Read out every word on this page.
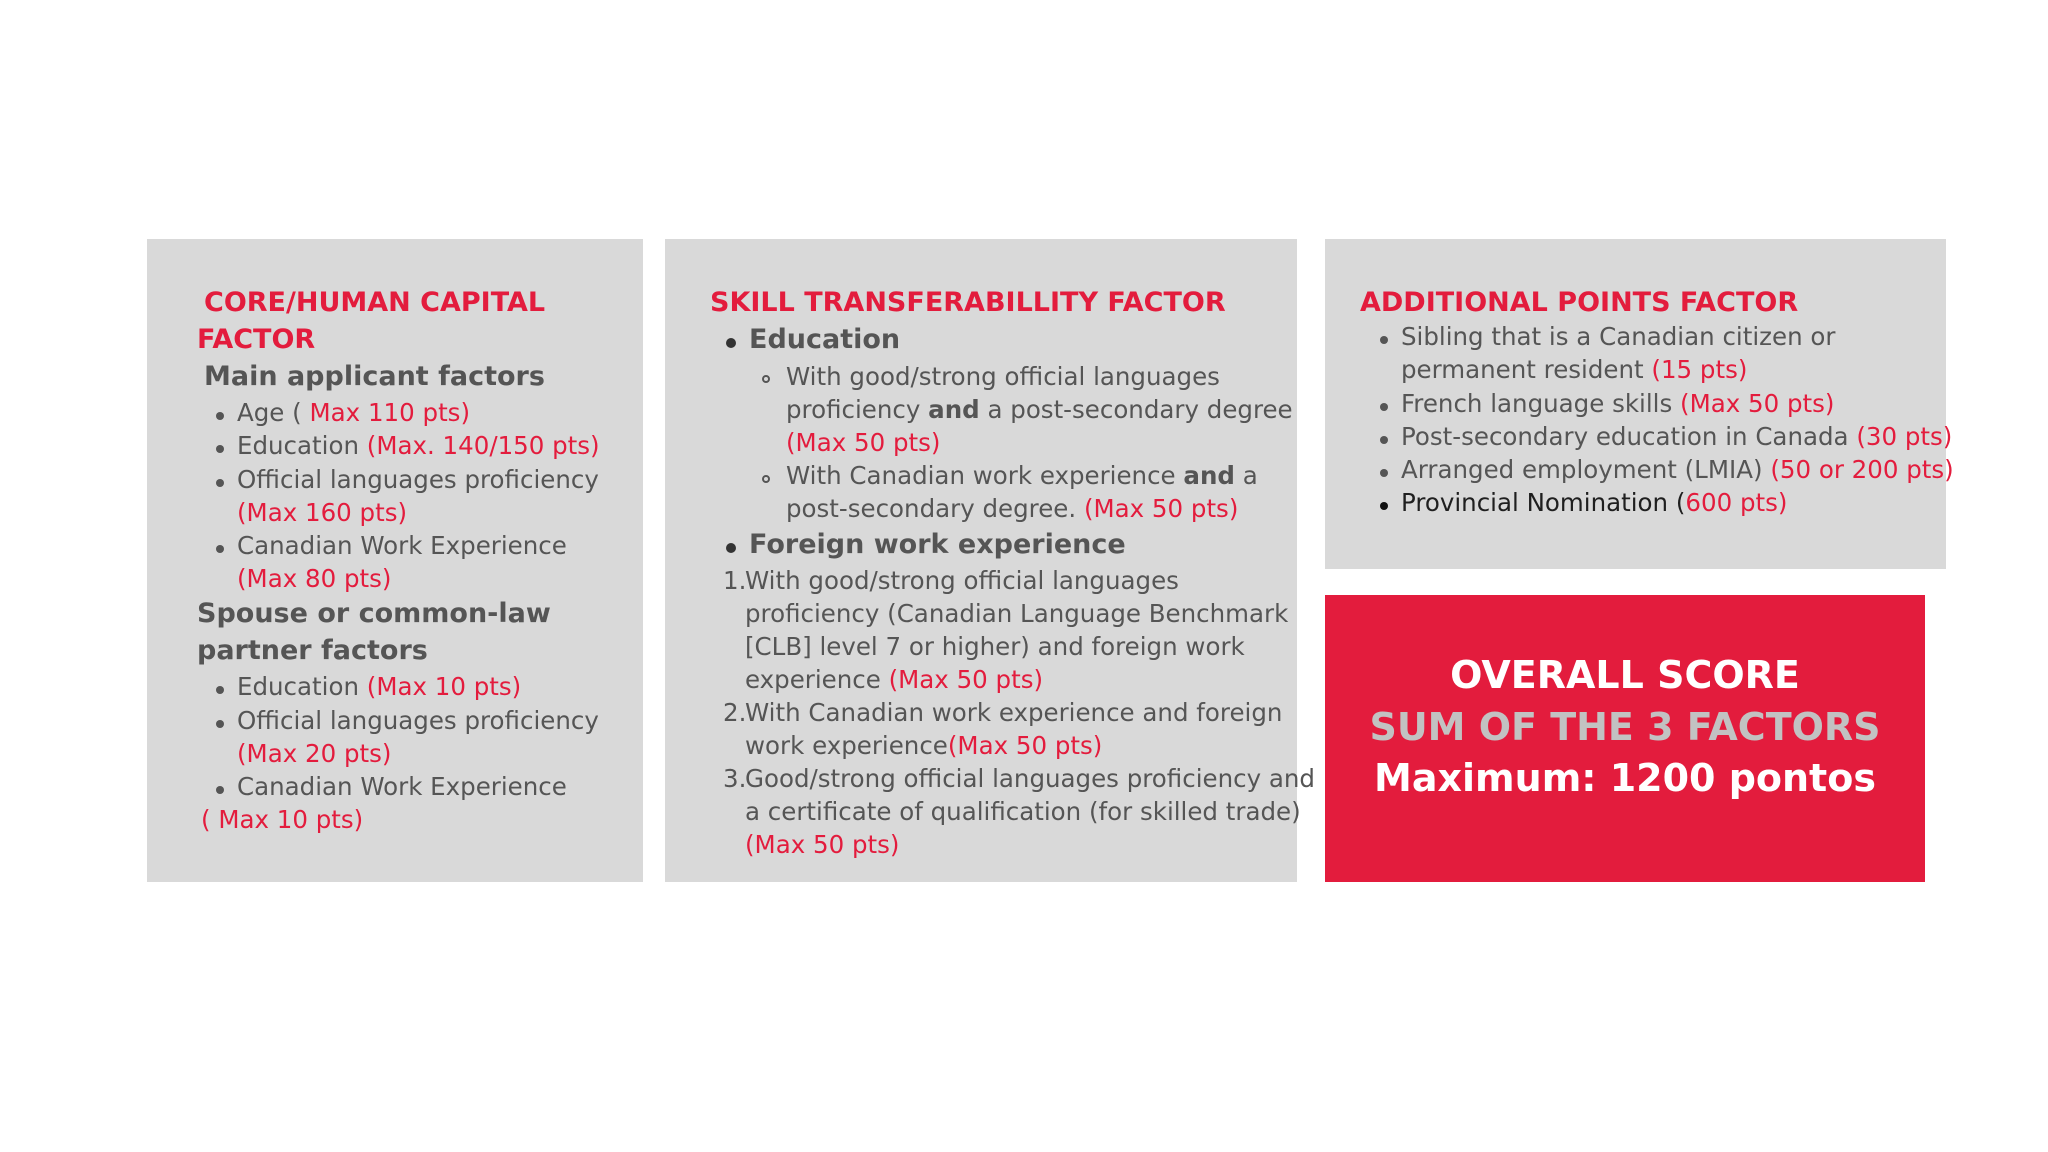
CORE/HUMAN CAPITAL
FACTOR
Main applicant factors
Age ( Max 110 pts)
Education (Max. 140/150 pts)
Official languages proficiency
(Max 160 pts)
Canadian Work Experience
(Max 80 pts)
Spouse or common-law
partner factors
Education (Max 10 pts)
Official languages proficiency
(Max 20 pts)
Canadian Work Experience
( Max 10 pts)
SKILL TRANSFERABILLITY FACTOR
Education
With good/strong official languages
proficiency and a post-secondary degree
(Max 50 pts)
With Canadian work experience and a
post-secondary degree. (Max 50 pts)
Foreign work experience
1.
With good/strong official languages
proficiency (Canadian Language Benchmark
[CLB] level 7 or higher) and foreign work
experience (Max 50 pts)
2.
With Canadian work experience and foreign
work experience(Max 50 pts)
3.
Good/strong official languages proficiency and
a certificate of qualification (for skilled trade)
(Max 50 pts)
ADDITIONAL POINTS FACTOR
Sibling that is a Canadian citizen or
permanent resident (15 pts)
French language skills (Max 50 pts)
Post-secondary education in Canada (30 pts)
Arranged employment (LMIA) (50 or 200 pts)
Provincial Nomination (600 pts)
OVERALL SCORE
SUM OF THE 3 FACTORS
Maximum: 1200 pontos
